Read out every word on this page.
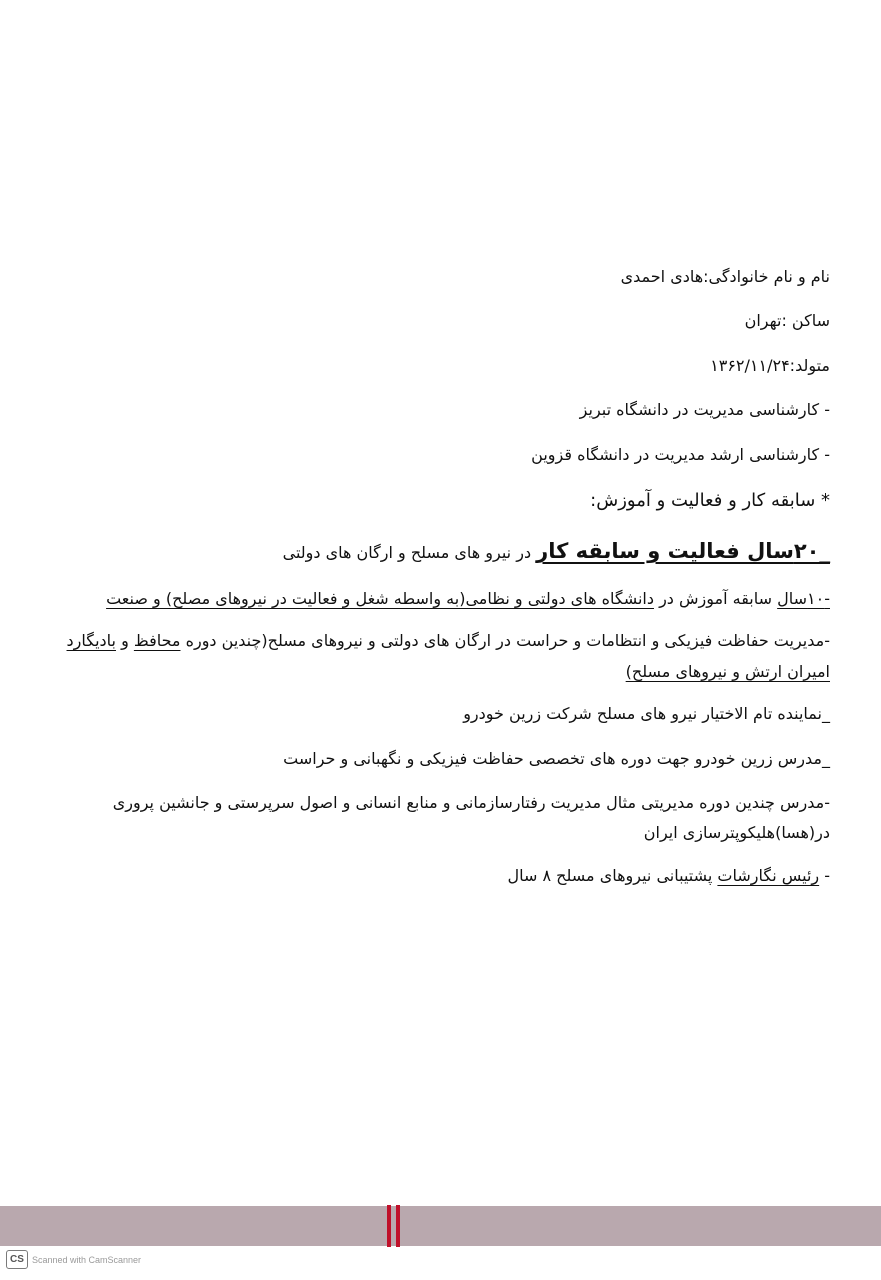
نام و نام خانوادگی:هادی احمدی

ساکن :تهران

متولد:۱۳۶۲/۱۱/۲۴

- کارشناسی مدیریت در دانشگاه تبریز

- کارشناسی ارشد مدیریت در دانشگاه قزوین

* سابقه کار و فعالیت و آموزش:

_۲۰سال فعالیت و سابقه کار در نیرو های مسلح و ارگان های دولتی

-۱۰سال سابقه آموزش در دانشگاه های دولتی و نظامی(به واسطه شغل و فعالیت در نیروهای مصلح) و صنعت

-مدیریت حفاظت فیزیکی و انتظامات و حراست در ارگان های دولتی و نیروهای مسلح(چندین دوره محافظ و بادیگارد امیران ارتش و نیروهای مسلح)

_نماینده تام الاختیار نیرو های مسلح شرکت زرین خودرو

_مدرس زرین خودرو جهت دوره های تخصصی حفاظت فیزیکی و نگهبانی و حراست

-مدرس چندین دوره مدیریتی مثال مدیریت رفتارسازمانی و منابع انسانی و اصول سرپرستی و جانشین پروری در(هسا)هلیکوپترسازی ایران

- رئیس نگارشات پشتیبانی نیروهای مسلح ۸ سال

CS Scanned with CamScanner
